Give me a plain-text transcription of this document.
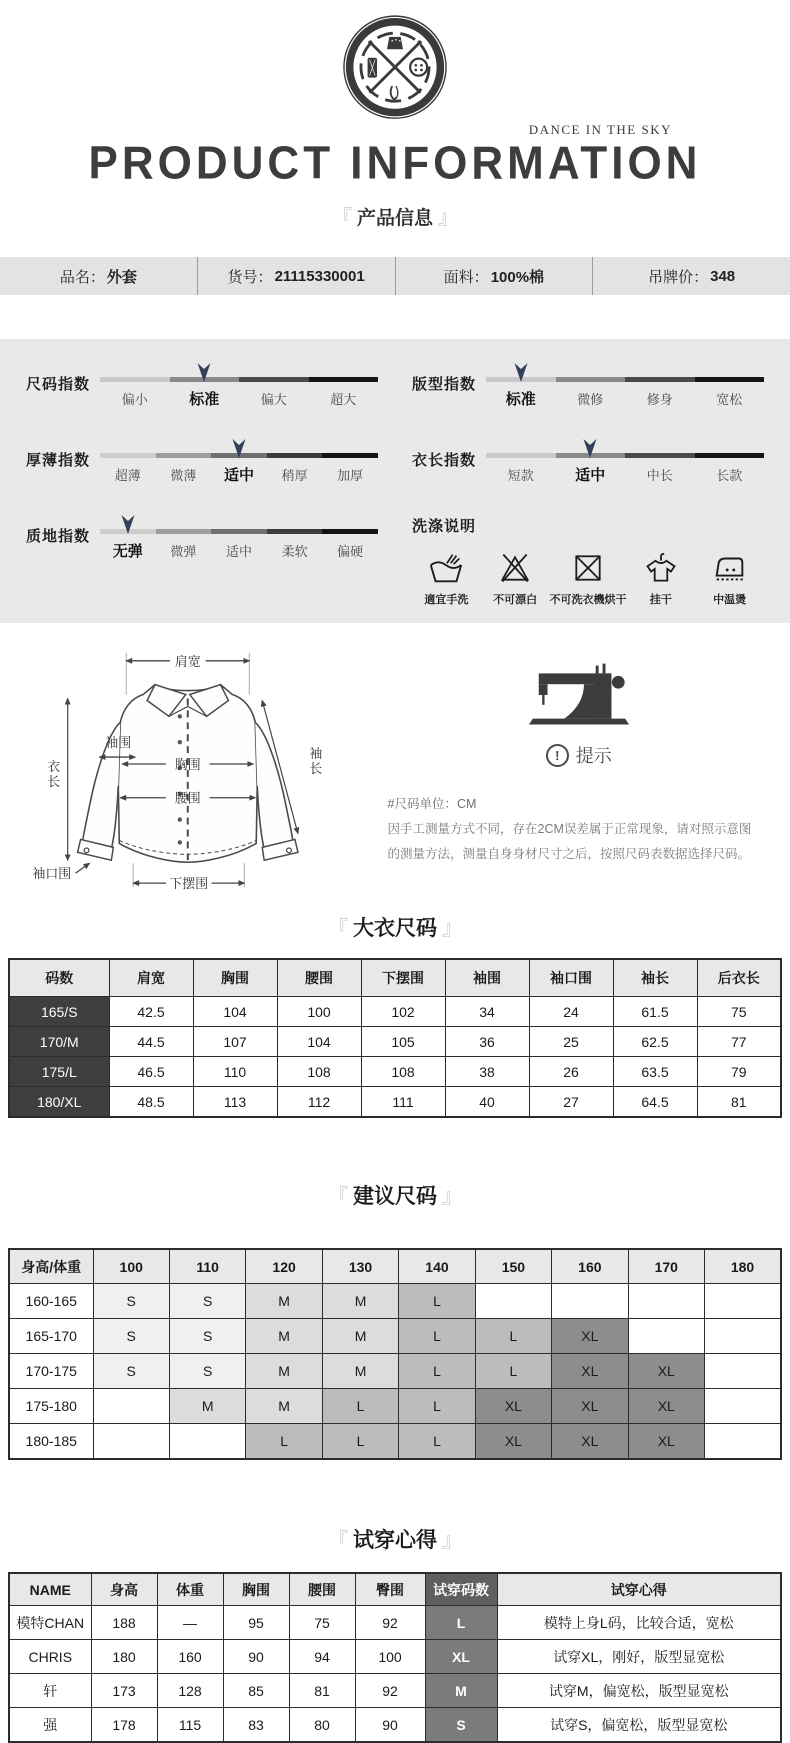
DANCE IN THE SKY
PRODUCT INFORMATION
『 产品信息 』
品名： 外套	货号： 21115330001	面料： 100%棉	吊牌价： 348
尺码指数
偏小	标准	偏大	超大
版型指数
标准	微修	修身	宽松
厚薄指数
超薄	微薄	适中	稍厚	加厚
衣长指数
短款	适中	中长	长款
质地指数
无弹	微弹	适中	柔软	偏硬
洗涤说明
適宜手洗	不可漂白	不可洗衣機烘干	挂干	中温燙
肩宽
袖围
衣长
胸围
腰围
袖长
袖口围
下摆围
! 提示
#尺码单位：CM
因手工测量方式不同，存在2CM误差属于正常现象，请对照示意图
的测量方法，测量自身身材尺寸之后，按照尺码表数据选择尺码。
『 大衣尺码 』
码数	肩宽	胸围	腰围	下摆围	袖围	袖口围	袖长	后衣长
165/S	42.5	104	100	102	34	24	61.5	75
170/M	44.5	107	104	105	36	25	62.5	77
175/L	46.5	110	108	108	38	26	63.5	79
180/XL	48.5	113	112	111	40	27	64.5	81
『 建议尺码 』
身高/体重	100	110	120	130	140	150	160	170	180
160-165	S	S	M	M	L				
165-170	S	S	M	M	L	L	XL		
170-175	S	S	M	M	L	L	XL	XL	
175-180		M	M	L	L	XL	XL	XL	
180-185			L	L	L	XL	XL	XL	
『 试穿心得 』
NAME	身高	体重	胸围	腰围	臀围	试穿码数	试穿心得
模特CHAN	188	—	95	75	92	L	模特上身L码，比较合适，宽松
CHRIS	180	160	90	94	100	XL	试穿XL，刚好，版型显宽松
轩	173	128	85	81	92	M	试穿M，偏宽松，版型显宽松
强	178	115	83	80	90	S	试穿S，偏宽松，版型显宽松
